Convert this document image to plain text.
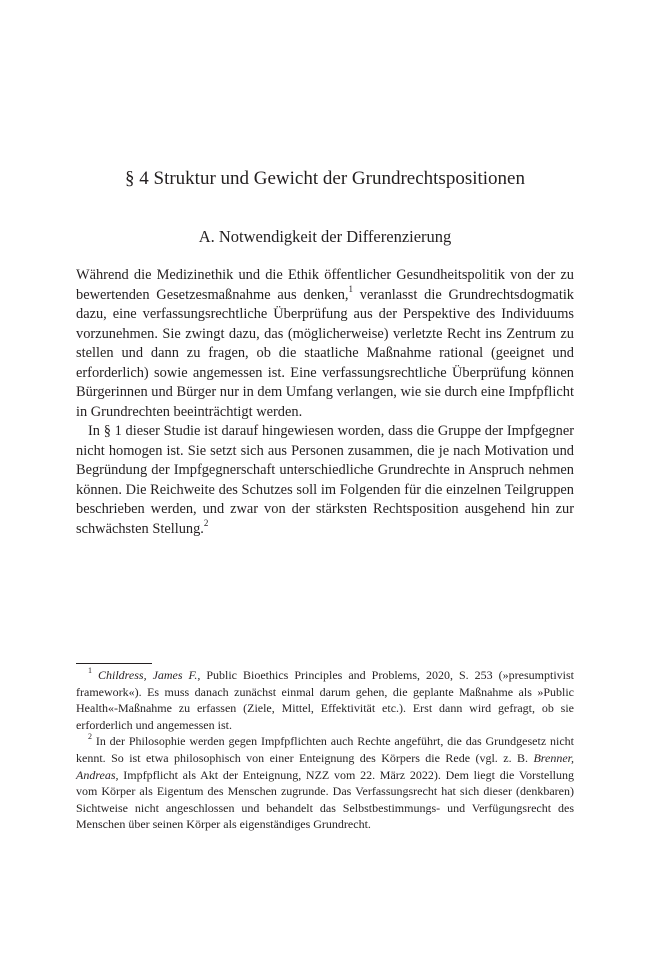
§ 4 Struktur und Gewicht der Grundrechtspositionen
A. Notwendigkeit der Differenzierung

Während die Medizinethik und die Ethik öffentlicher Gesundheitspolitik von der zu bewertenden Gesetzesmaßnahme aus denken,$^1$ veranlasst die Grundrechtsdogmatik dazu, eine verfassungsrechtliche Überprüfung aus der Perspektive des Individuums vorzunehmen. Sie zwingt dazu, das (möglicherweise) verletzte Recht ins Zentrum zu stellen und dann zu fragen, ob die staatliche Maßnahme rational (geeignet und erforderlich) sowie angemessen ist. Eine verfassungsrechtliche Überprüfung können Bürgerinnen und Bürger nur in dem Umfang verlangen, wie sie durch eine Impfpflicht in Grundrechten beeinträchtigt werden.

In § 1 dieser Studie ist darauf hingewiesen worden, dass die Gruppe der Impfgegner nicht homogen ist. Sie setzt sich aus Personen zusammen, die je nach Motivation und Begründung der Impfgegnerschaft unterschiedliche Grundrechte in Anspruch nehmen können. Die Reichweite des Schutzes soll im Folgenden für die einzelnen Teilgruppen beschrieben werden, und zwar von der stärksten Rechtsposition ausgehend hin zur schwächsten Stellung.$^2$

$^1$ Childress, James F., Public Bioethics Principles and Problems, 2020, S. 253 (»presumptivist framework«). Es muss danach zunächst einmal darum gehen, die geplante Maßnahme als »Public Health«-Maßnahme zu erfassen (Ziele, Mittel, Effektivität etc.). Erst dann wird gefragt, ob sie erforderlich und angemessen ist.

$^2$ In der Philosophie werden gegen Impfpflichten auch Rechte angeführt, die das Grundgesetz nicht kennt. So ist etwa philosophisch von einer Enteignung des Körpers die Rede (vgl. z. B. Brenner, Andreas, Impfpflicht als Akt der Enteignung, NZZ vom 22. März 2022). Dem liegt die Vorstellung vom Körper als Eigentum des Menschen zugrunde. Das Verfassungsrecht hat sich dieser (denkbaren) Sichtweise nicht angeschlossen und behandelt das Selbstbestimmungs- und Verfügungsrecht des Menschen über seinen Körper als eigenständiges Grundrecht.
